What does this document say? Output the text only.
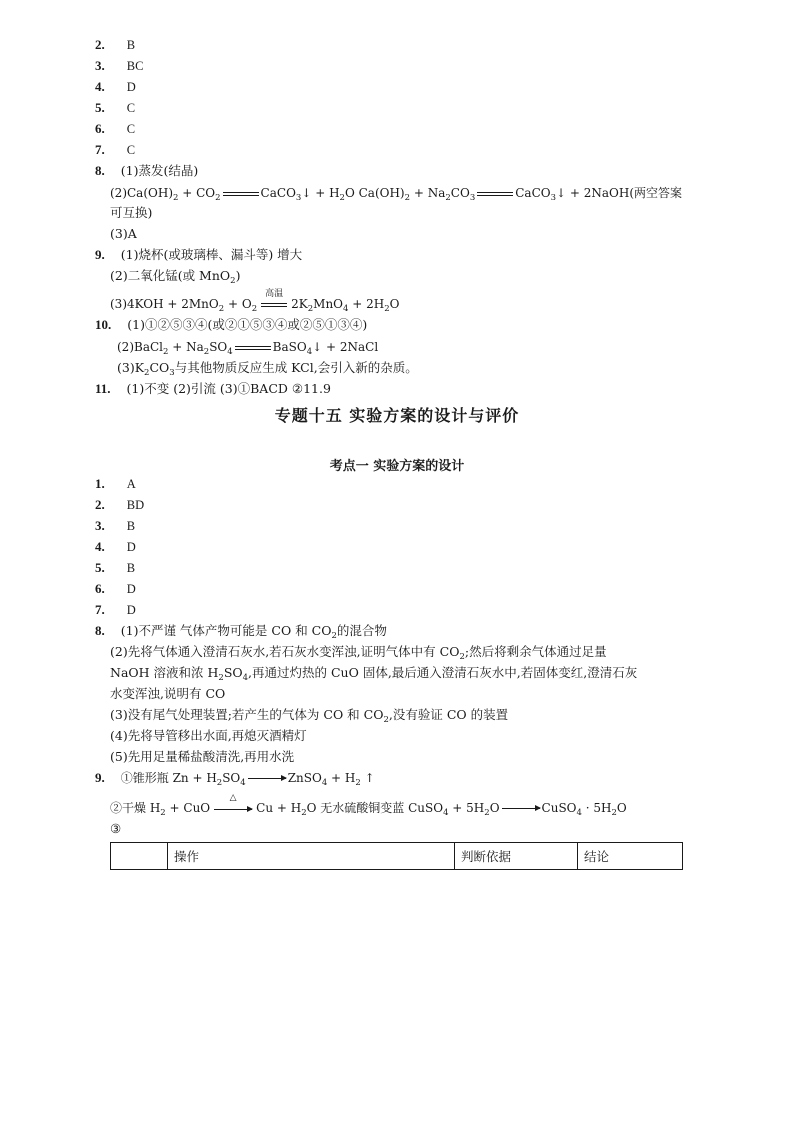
2. B
3. BC
4. D
5. C
6. C
7. C
8. (1)蒸发(结晶)
$(2)Ca(OH)_2 + CO_2$	CaCO$_3$↓ + $H_2O$ $Ca(OH)_2 + Na_2CO_3$	CaCO$_3$↓ + 2NaOH(两空答案
可互换)
(3)A
9. (1)烧杯(或玻璃棒、漏斗等) 增大
(2)二氧化锰(或 MnO$_2$)
$(3)4KOH + 2MnO_2 + O_2$
高温
$2K_2MnO_4 + 2H_2O$
10. (1)①②⑤③④(或②①⑤③④或②⑤①③④)
(2)BaCl$_2$ + $Na_2SO_4$	BaSO$_4$↓ + 2NaCl
$(3)K_2CO_3$与其他物质反应生成 KCl,会引入新的杂质。
11. (1)不变 (2)引流 (3)①BACD ②11.9
专题十五 实验方案的设计与评价
考点一 实验方案的设计
1. A
2. BD
3. B
4. D
5. B
6. D
7. D
8. (1)不严谨 气体产物可能是 CO 和 $CO_2$的混合物
(2)先将气体通入澄清石灰水,若石灰水变浑浊,证明气体中有 $CO_2$;然后将剩余气体通过足量
NaOH 溶液和浓 $H_2SO_4$,再通过灼热的 CuO 固体,最后通入澄清石灰水中,若固体变红,澄清石灰
水变浑浊,说明有 CO
(3)没有尾气处理装置;若产生的气体为 CO 和 $CO_2$,没有验证 CO 的装置
(4)先将导管移出水面,再熄灭酒精灯
(5)先用足量稀盐酸清洗,再用水洗
9. ①锥形瓶 $Zn + H_2SO_4$ → ZnSO$_4$ + $H_2$ ↑
②干燥 $H_2$ + CuO
△
$Cu + H_2O$ 无水硫酸铜变蓝 CuSO$_4$ + $5H_2O$ → CuSO$_4$ · $5H_2O$
③
	操作	判断依据	结论
